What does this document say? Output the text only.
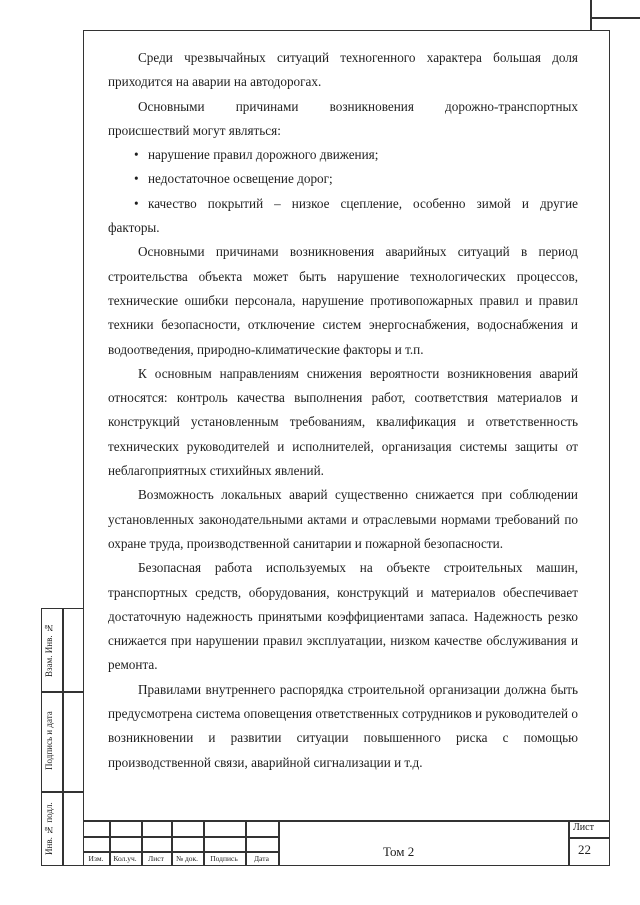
Среди чрезвычайных ситуаций техногенного характера большая доля приходится на аварии на автодорогах.

Основными причинами возникновения дорожно-транспортных происшествий могут являться:

• нарушение правил дорожного движения;

• недостаточное освещение дорог;

• качество покрытий – низкое сцепление, особенно зимой и другие

факторы.

Основными причинами возникновения аварийных ситуаций в период строительства объекта может быть нарушение технологических процессов, технические ошибки персонала, нарушение противопожарных правил и правил техники безопасности, отключение систем энергоснабжения, водоснабжения и водоотведения, природно-климатические факторы и т.п.

К основным направлениям снижения вероятности возникновения аварий относятся: контроль качества выполнения работ, соответствия материалов и конструкций установленным требованиям, квалификация и ответственность технических руководителей и исполнителей, организация системы защиты от неблагоприятных стихийных явлений.

Возможность локальных аварий существенно снижается при соблюдении установленных законодательными актами и отраслевыми нормами требований по охране труда, производственной санитарии и пожарной безопасности.

Безопасная работа используемых на объекте строительных машин, транспортных средств, оборудования, конструкций и материалов обеспечивает достаточную надежность принятыми коэффициентами запаса. Надежность резко снижается при нарушении правил эксплуатации, низком качестве обслуживания и ремонта.

Правилами внутреннего распорядка строительной организации должна быть предусмотрена система оповещения ответственных сотрудников и руководителей о возникновении и развитии ситуации повышенного риска с помощью производственной связи, аварийной сигнализации и т.д.

Взам. Инв. №
Подпись и дата
Инв. № подл.
Изм.	Кол.уч.	Лист	№ док.	Подпись	Дата	Том 2
Лист
22
